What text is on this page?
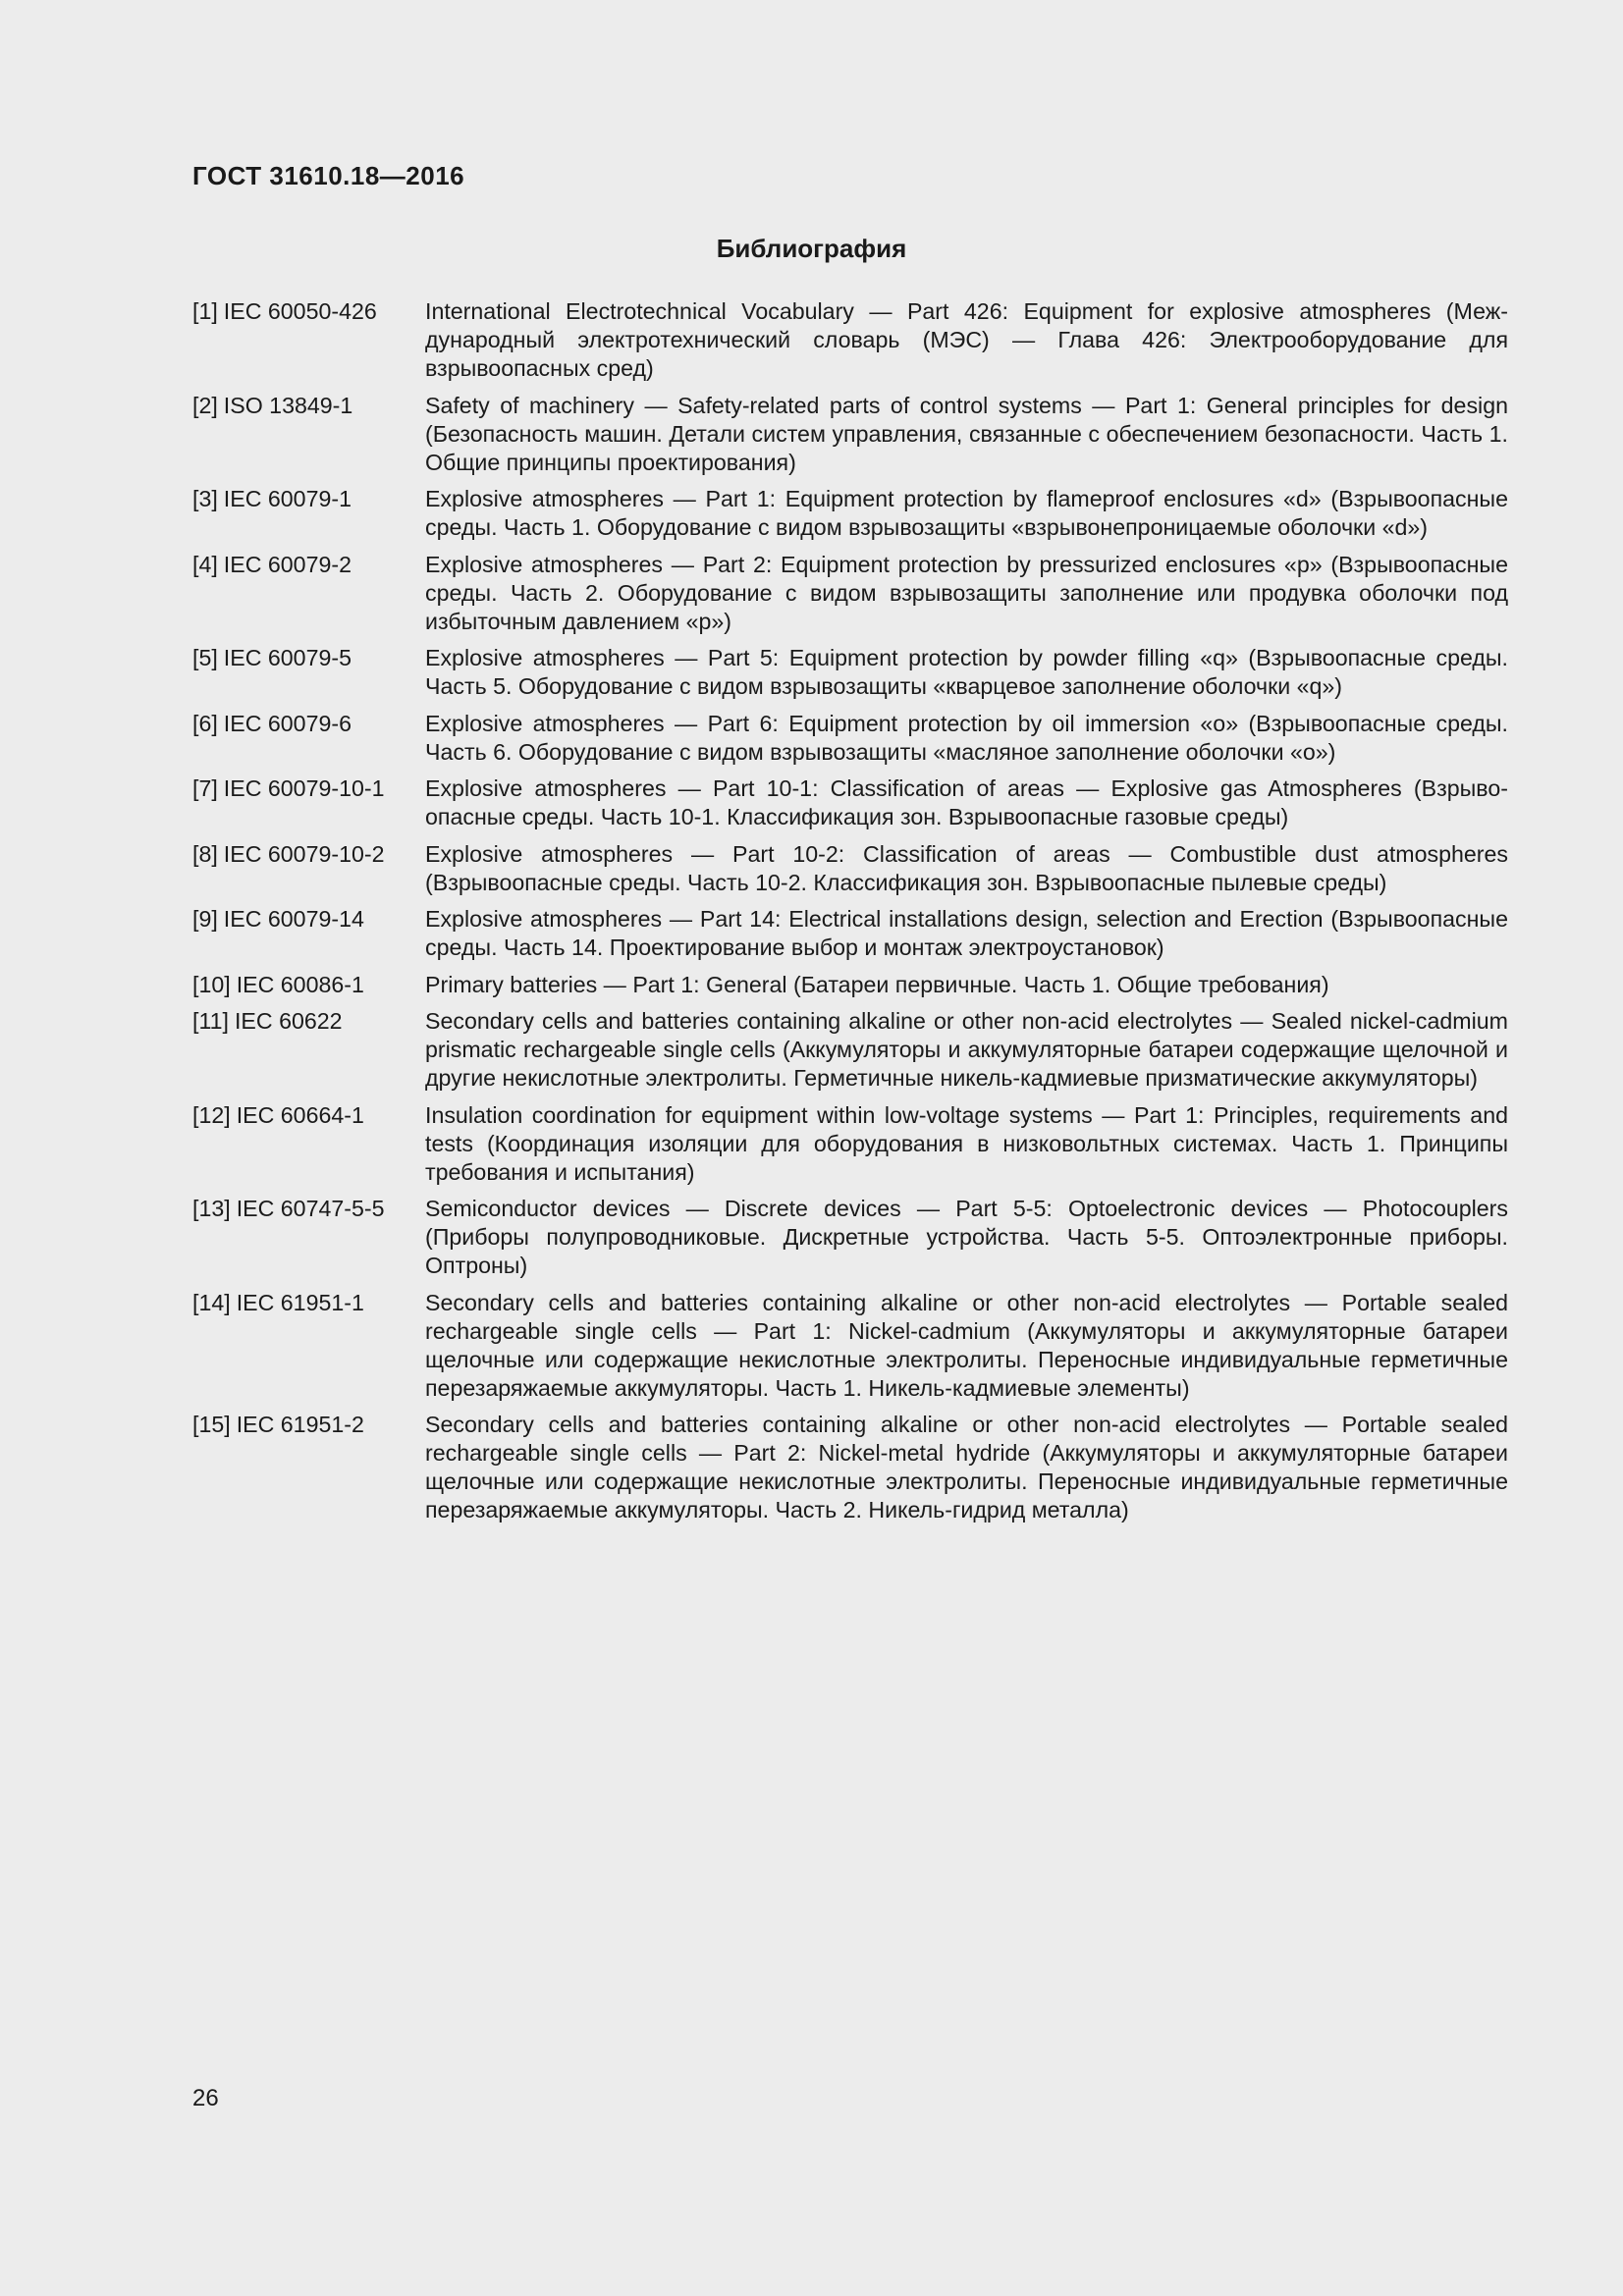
ГОСТ 31610.18—2016
Библиография
[1] IEC 60050-426	International Electrotechnical Vocabulary — Part 426: Equipment for explosive atmospheres (Международный электротехнический словарь (МЭС) — Глава 426: Электрооборудование для взрывоопасных сред)
[2] ISO 13849-1	Safety of machinery — Safety-related parts of control systems — Part 1: General principles for design (Безопасность машин. Детали систем управления, связанные с обеспечением безопасности. Часть 1. Общие принципы проектирования)
[3] IEC 60079-1	Explosive atmospheres — Part 1: Equipment protection by flameproof enclosures «d» (Взрывоопасные среды. Часть 1. Оборудование с видом взрывозащиты «взрывонепроницаемые оболочки «d»)
[4] IEC 60079-2	Explosive atmospheres — Part 2: Equipment protection by pressurized enclosures «p» (Взрывоопасные среды. Часть 2. Оборудование с видом взрывозащиты заполнение или продувка оболочки под избыточным давлением «p»)
[5] IEC 60079-5	Explosive atmospheres — Part 5: Equipment protection by powder filling «q» (Взрывоопасные среды. Часть 5. Оборудование с видом взрывозащиты «кварцевое заполнение оболочки «q»)
[6] IEC 60079-6	Explosive atmospheres — Part 6: Equipment protection by oil immersion «o» (Взрывоопасные среды. Часть 6. Оборудование с видом взрывозащиты «масляное заполнение оболочки «o»)
[7] IEC 60079-10-1	Explosive atmospheres — Part 10-1: Classification of areas — Explosive gas Atmospheres (Взрывоопасные среды. Часть 10-1. Классификация зон. Взрывоопасные газовые среды)
[8] IEC 60079-10-2	Explosive atmospheres — Part 10-2: Classification of areas — Combustible dust atmospheres (Взрывоопасные среды. Часть 10-2. Классификация зон. Взрывоопасные пылевые среды)
[9] IEC 60079-14	Explosive atmospheres — Part 14: Electrical installations design, selection and Erection (Взрывоопасные среды. Часть 14. Проектирование выбор и монтаж электроустановок)
[10] IEC 60086-1	Primary batteries — Part 1: General (Батареи первичные. Часть 1. Общие требования)
[11] IEC 60622	Secondary cells and batteries containing alkaline or other non-acid electrolytes — Sealed nickel-cadmium prismatic rechargeable single cells (Аккумуляторы и аккумуляторные батареи содержащие щелочной и другие некислотные электролиты. Герметичные никель-кадмиевые призматические аккумуляторы)
[12] IEC 60664-1	Insulation coordination for equipment within low-voltage systems — Part 1: Principles, requirements and tests (Координация изоляции для оборудования в низковольтных системах. Часть 1. Принципы требования и испытания)
[13] IEC 60747-5-5	Semiconductor devices — Discrete devices — Part 5-5: Optoelectronic devices — Photocouplers (Приборы полупроводниковые. Дискретные устройства. Часть 5-5. Оптоэлектронные приборы. Оптроны)
[14] IEC 61951-1	Secondary cells and batteries containing alkaline or other non-acid electrolytes — Portable sealed rechargeable single cells — Part 1: Nickel-cadmium (Аккумуляторы и аккумуляторные батареи щелочные или содержащие некислотные электролиты. Переносные индивидуальные герметичные перезаряжаемые аккумуляторы. Часть 1. Никель-кадмиевые элементы)
[15] IEC 61951-2	Secondary cells and batteries containing alkaline or other non-acid electrolytes — Portable sealed rechargeable single cells — Part 2: Nickel-metal hydride (Аккумуляторы и аккумуляторные батареи щелочные или содержащие некислотные электролиты. Переносные индивидуальные герметичные перезаряжаемые аккумуляторы. Часть 2. Никель-гидрид металла)
26
